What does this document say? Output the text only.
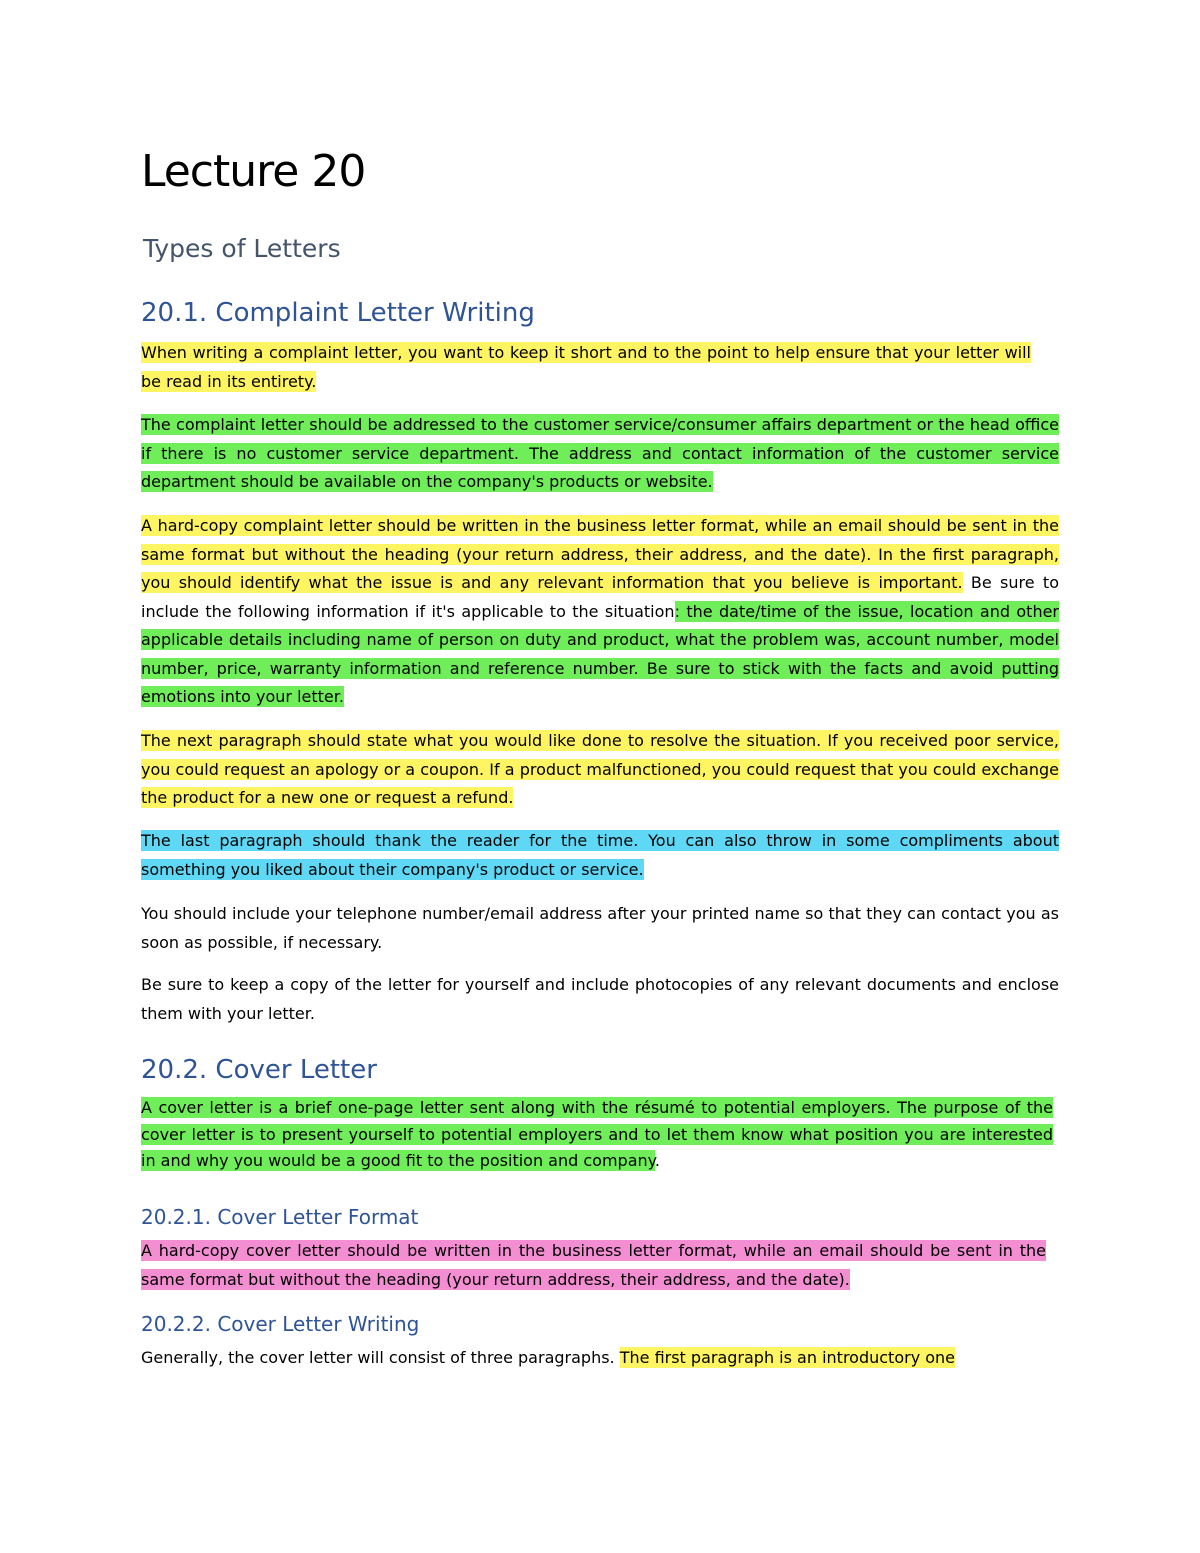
Lecture 20
Types of Letters
20.1. Complaint Letter Writing

When writing a complaint letter, you want to keep it short and to the point to help ensure that your letter will be read in its entirety.

The complaint letter should be addressed to the customer service/consumer affairs department or the head office if there is no customer service department. The address and contact information of the customer service department should be available on the company's products or website.

A hard-copy complaint letter should be written in the business letter format, while an email should be sent in the same format but without the heading (your return address, their address, and the date). In the first paragraph, you should identify what the issue is and any relevant information that you believe is important. Be sure to include the following information if it's applicable to the situation: the date/time of the issue, location and other applicable details including name of person on duty and product, what the problem was, account number, model number, price, warranty information and reference number. Be sure to stick with the facts and avoid putting emotions into your letter.

The next paragraph should state what you would like done to resolve the situation. If you received poor service, you could request an apology or a coupon. If a product malfunctioned, you could request that you could exchange the product for a new one or request a refund.

The last paragraph should thank the reader for the time. You can also throw in some compliments about something you liked about their company's product or service.

You should include your telephone number/email address after your printed name so that they can contact you as soon as possible, if necessary.

Be sure to keep a copy of the letter for yourself and include photocopies of any relevant documents and enclose them with your letter.

20.2. Cover Letter

A cover letter is a brief one-page letter sent along with the résumé to potential employers. The purpose of the cover letter is to present yourself to potential employers and to let them know what position you are interested in and why you would be a good fit to the position and company.

20.2.1. Cover Letter Format

A hard-copy cover letter should be written in the business letter format, while an email should be sent in the same format but without the heading (your return address, their address, and the date).

20.2.2. Cover Letter Writing

Generally, the cover letter will consist of three paragraphs. The first paragraph is an introductory one
